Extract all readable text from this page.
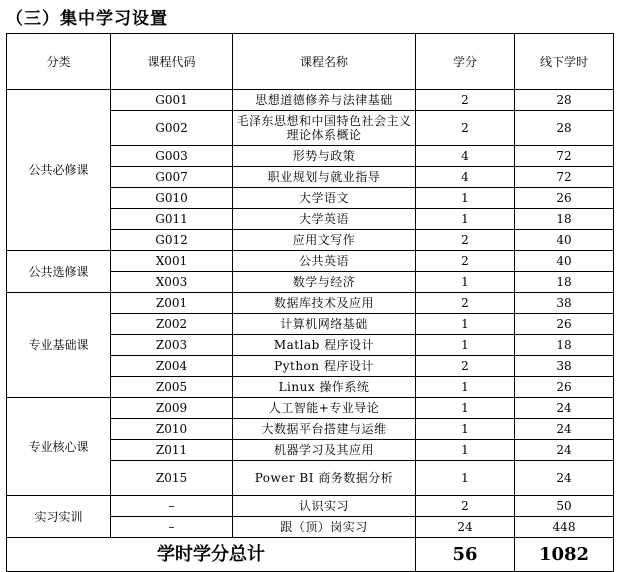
（三）集中学习设置
分类	课程代码	课程名称	学分	线下学时
公共必修课	G001	思想道德修养与法律基础	2	28
	G002	毛泽东思想和中国特色社会主义理论体系概论	2	28
	G003	形势与政策	4	72
	G007	职业规划与就业指导	4	72
	G010	大学语文	1	26
	G011	大学英语	1	18
	G012	应用文写作	2	40
公共选修课	X001	公共英语	2	40
	X003	数学与经济	1	18
专业基础课	Z001	数据库技术及应用	2	38
	Z002	计算机网络基础	1	26
	Z003	Matlab 程序设计	1	18
	Z004	Python 程序设计	2	38
	Z005	Linux 操作系统	1	26
专业核心课	Z009	人工智能+专业导论	1	24
	Z010	大数据平台搭建与运维	1	24
	Z011	机器学习及其应用	1	24
	Z015	Power BI 商务数据分析	1	24
实习实训	–	认识实习	2	50
	–	跟（顶）岗实习	24	448
学时学分总计			56	1082
